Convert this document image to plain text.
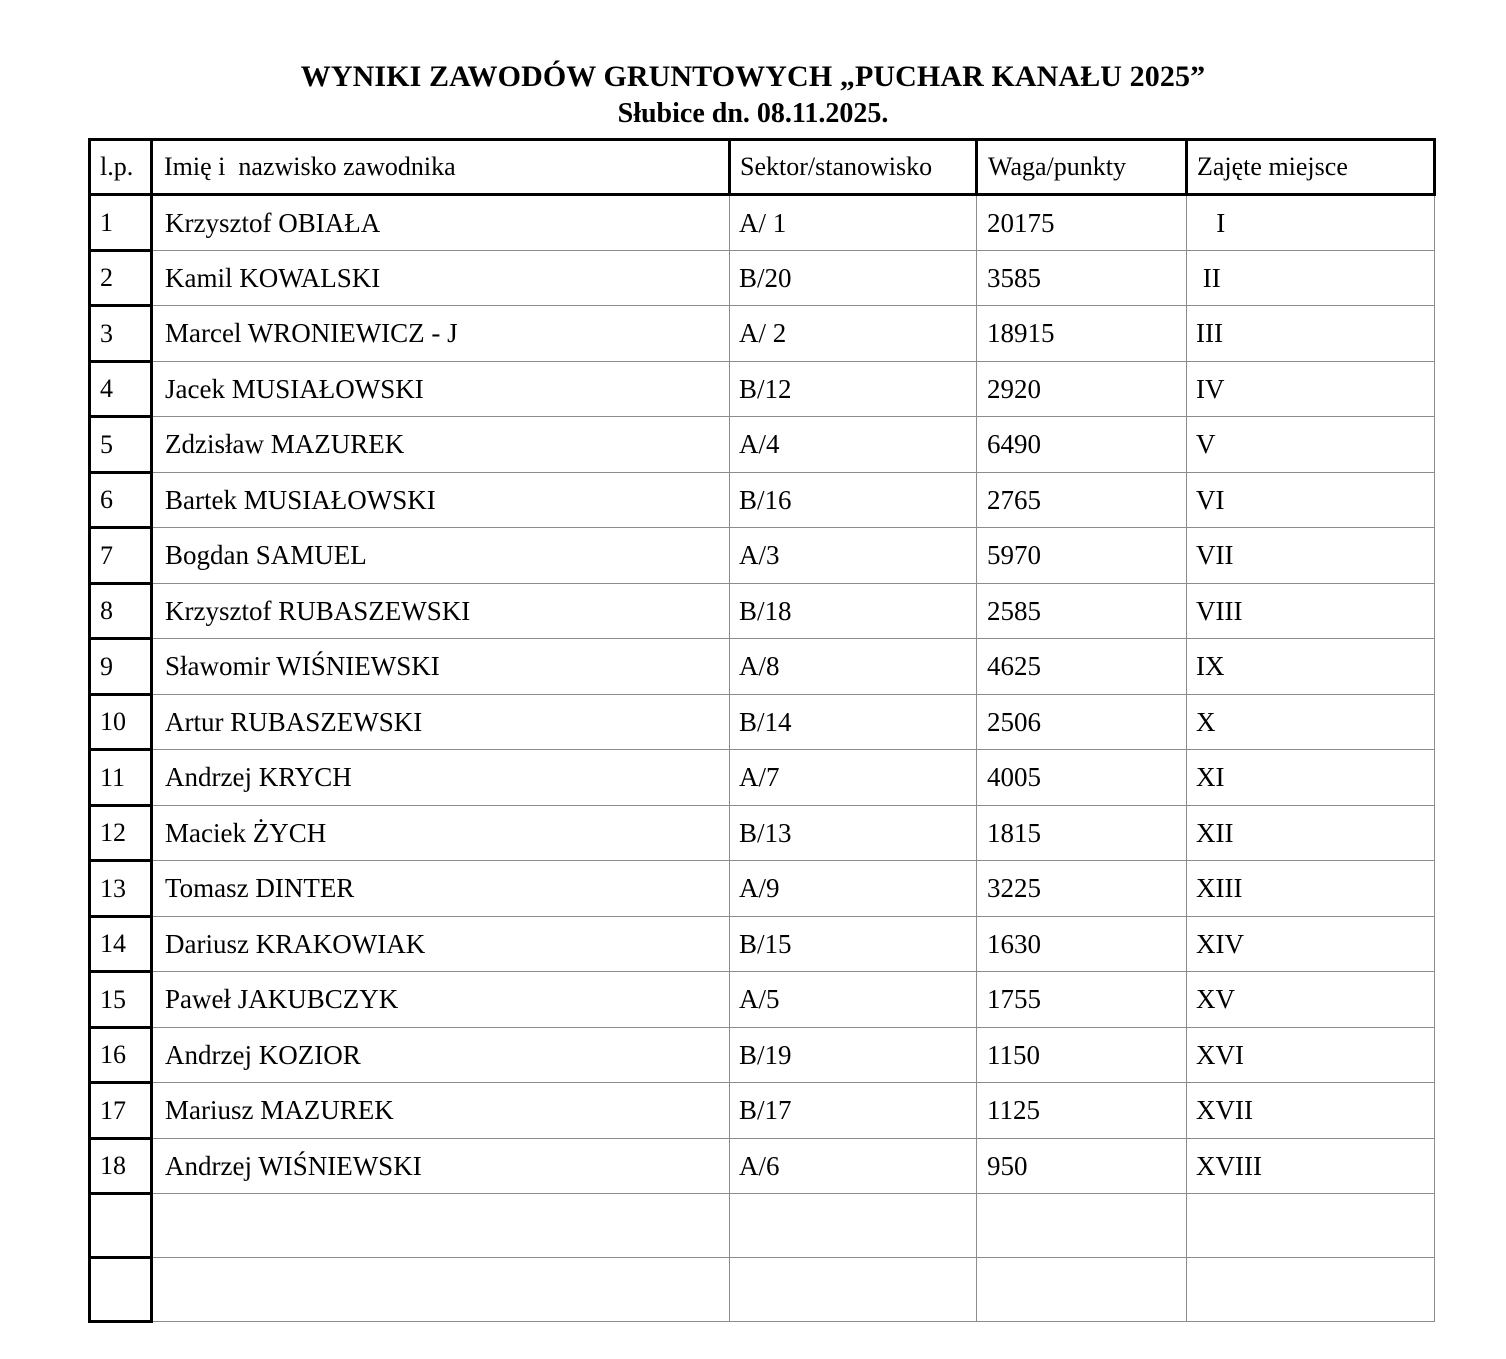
WYNIKI ZAWODÓW GRUNTOWYCH „PUCHAR KANAŁU 2025”
Słubice dn. 08.11.2025.
l.p.	Imię i  nazwisko zawodnika	Sektor/stanowisko	Waga/punkty	Zajęte miejsce
1	Krzysztof OBIAŁA	A/ 1	20175	I
2	Kamil KOWALSKI	B/20	3585	II
3	Marcel WRONIEWICZ - J	A/ 2	18915	III
4	Jacek MUSIAŁOWSKI	B/12	2920	IV
5	Zdzisław MAZUREK	A/4	6490	V
6	Bartek MUSIAŁOWSKI	B/16	2765	VI
7	Bogdan SAMUEL	A/3	5970	VII
8	Krzysztof RUBASZEWSKI	B/18	2585	VIII
9	Sławomir WIŚNIEWSKI	A/8	4625	IX
10	Artur RUBASZEWSKI	B/14	2506	X
11	Andrzej KRYCH	A/7	4005	XI
12	Maciek ŻYCH	B/13	1815	XII
13	Tomasz DINTER	A/9	3225	XIII
14	Dariusz KRAKOWIAK	B/15	1630	XIV
15	Paweł JAKUBCZYK	A/5	1755	XV
16	Andrzej KOZIOR	B/19	1150	XVI
17	Mariusz MAZUREK	B/17	1125	XVII
18	Andrzej WIŚNIEWSKI	A/6	950	XVIII
